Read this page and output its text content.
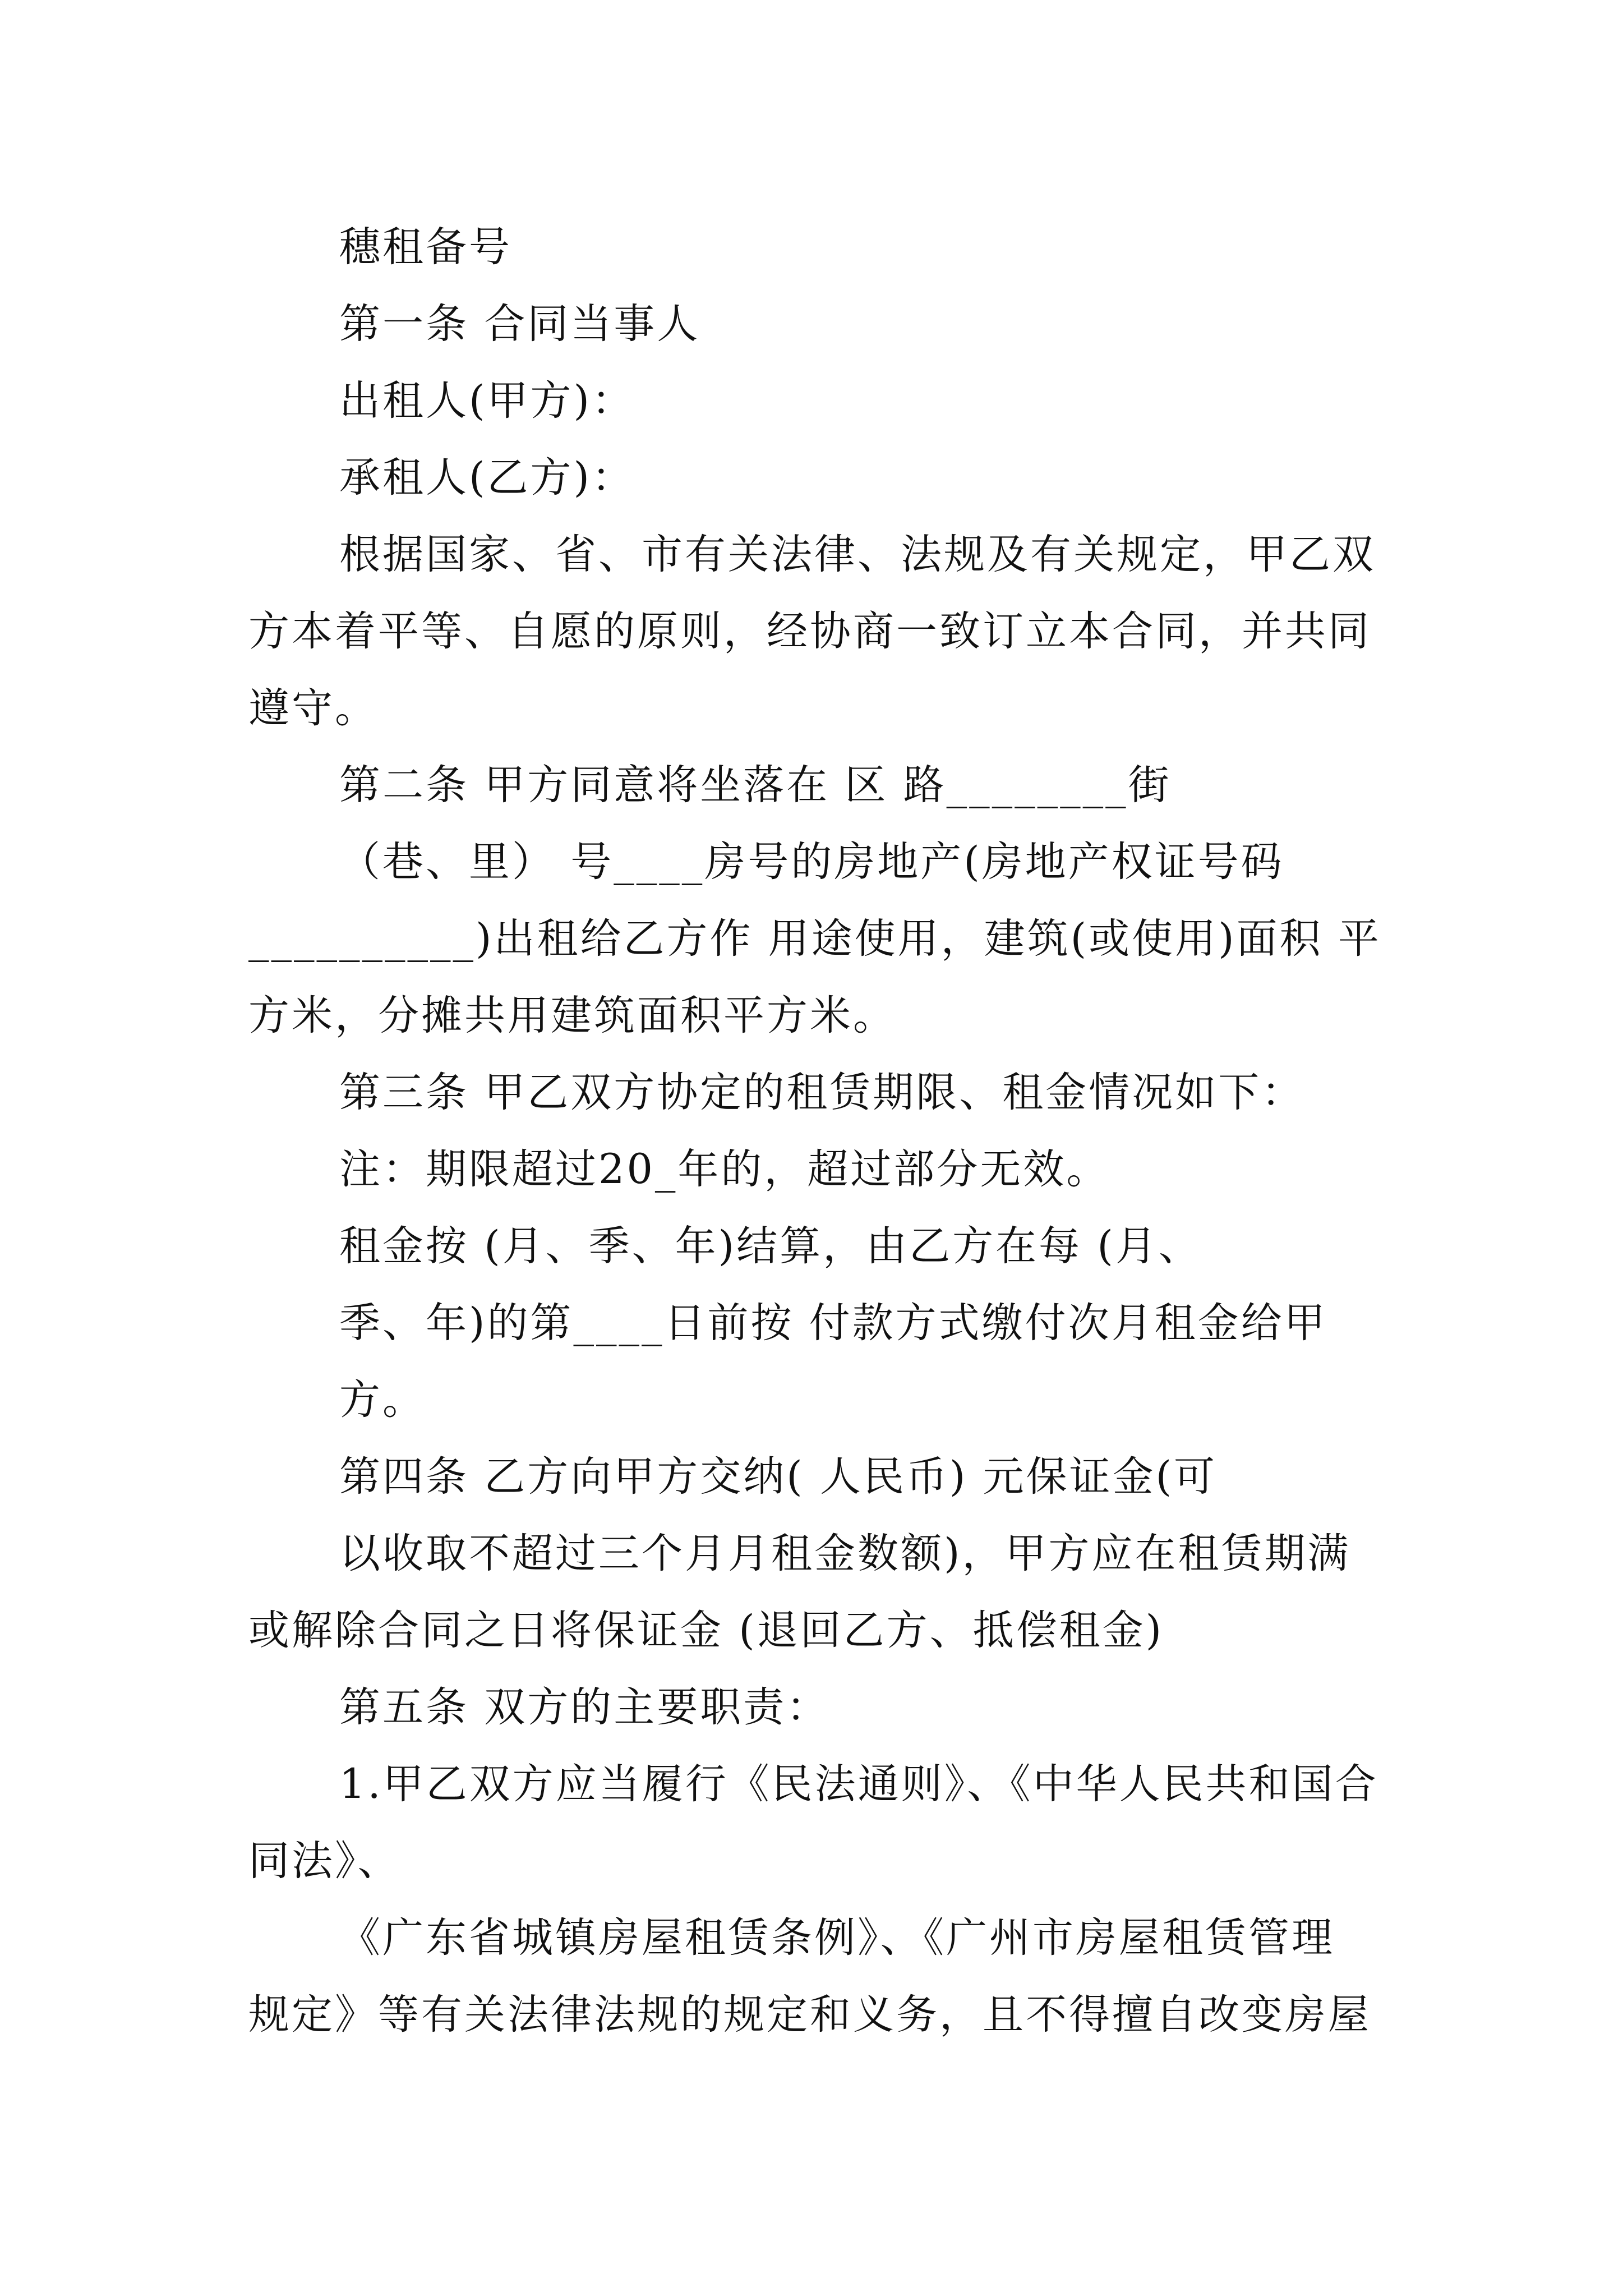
穗租备号
第一条 合同当事人
出租人(甲方)：
承租人(乙方)：
根据国家、省、市有关法律、法规及有关规定，甲乙双
方本着平等、自愿的原则，经协商一致订立本合同，并共同
遵守。
第二条 甲方同意将坐落在 区 路________街
（巷、里） 号____房号的房地产(房地产权证号码
__________)出租给乙方作 用途使用，建筑(或使用)面积 平
方米，分摊共用建筑面积平方米。
第三条 甲乙双方协定的租赁期限、租金情况如下：
注：期限超过20_年的，超过部分无效。
租金按 (月、季、年)结算，由乙方在每 (月、
季、年)的第____日前按 付款方式缴付次月租金给甲
方。
第四条 乙方向甲方交纳( 人民币) 元保证金(可
以收取不超过三个月月租金数额)，甲方应在租赁期满
或解除合同之日将保证金 (退回乙方、抵偿租金)
第五条 双方的主要职责：
1.甲乙双方应当履行《民法通则》、《中华人民共和国合
同法》、
《广东省城镇房屋租赁条例》、《广州市房屋租赁管理
规定》等有关法律法规的规定和义务，且不得擅自改变房屋
